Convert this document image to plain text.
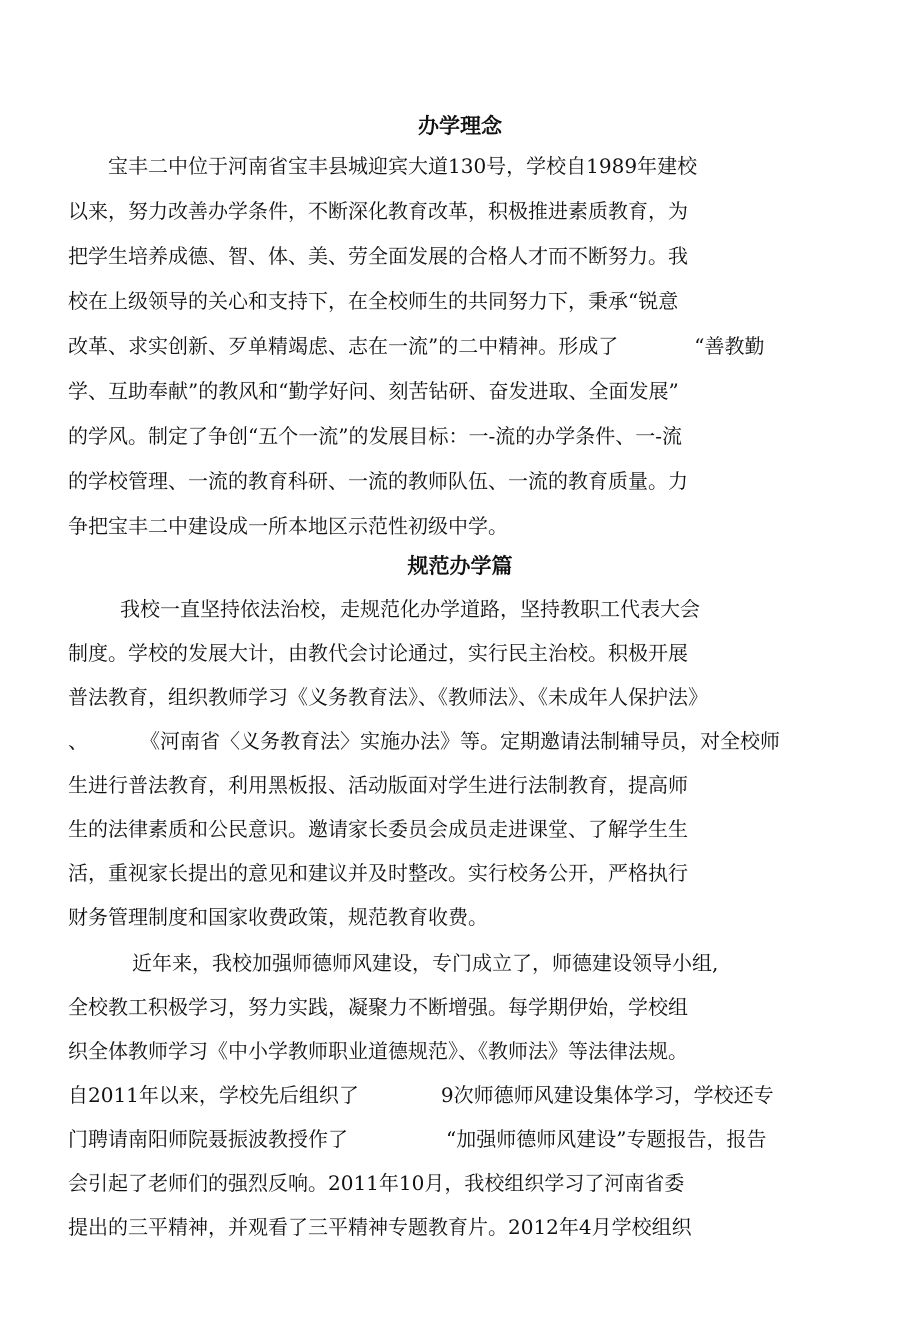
办学理念

宝丰二中位于河南省宝丰县城迎宾大道130号，学校自1989年建校

以来，努力改善办学条件，不断深化教育改革，积极推进素质教育，为

把学生培养成德、智、体、美、劳全面发展的合格人才而不断努力。我

校在上级领导的关心和支持下，在全校师生的共同努力下，秉承“锐意

改革、求实创新、歹单精竭虑、志在一流”的二中精神。形成了	“善教勤

学、互助奉献”的教风和“勤学好问、刻苦钻研、奋发进取、全面发展”

的学风。制定了争创“五个一流”的发展目标：一-流的办学条件、一-流

的学校管理、一流的教育科研、一流的教师队伍、一流的教育质量。力

争把宝丰二中建设成一所本地区示范性初级中学。

规范办学篇

我校一直坚持依法治校，走规范化办学道路，坚持教职工代表大会

制度。学校的发展大计，由教代会讨论通过，实行民主治校。积极开展

普法教育，组织教师学习《义务教育法》、《教师法》、《未成年人保护法》

、	《河南省〈义务教育法〉实施办法》等。定期邀请法制辅导员，对全校师

生进行普法教育，利用黑板报、活动版面对学生进行法制教育，提高师

生的法律素质和公民意识。邀请家长委员会成员走进课堂、了解学生生

活，重视家长提出的意见和建议并及时整改。实行校务公开，严格执行

财务管理制度和国家收费政策，规范教育收费。

近年来，我校加强师德师风建设，专门成立了，师德建设领导小组,

全校教工积极学习，努力实践，凝聚力不断增强。每学期伊始，学校组

织全体教师学习《中小学教师职业道德规范》、《教师法》等法律法规。

自2011年以来，学校先后组织了	9次师德师风建设集体学习，学校还专

门聘请南阳师院聂振波教授作了	“加强师德师风建设”专题报告，报告

会引起了老师们的强烈反响。2011年10月，我校组织学习了河南省委

提出的三平精神，并观看了三平精神专题教育片。2012年4月学校组织
